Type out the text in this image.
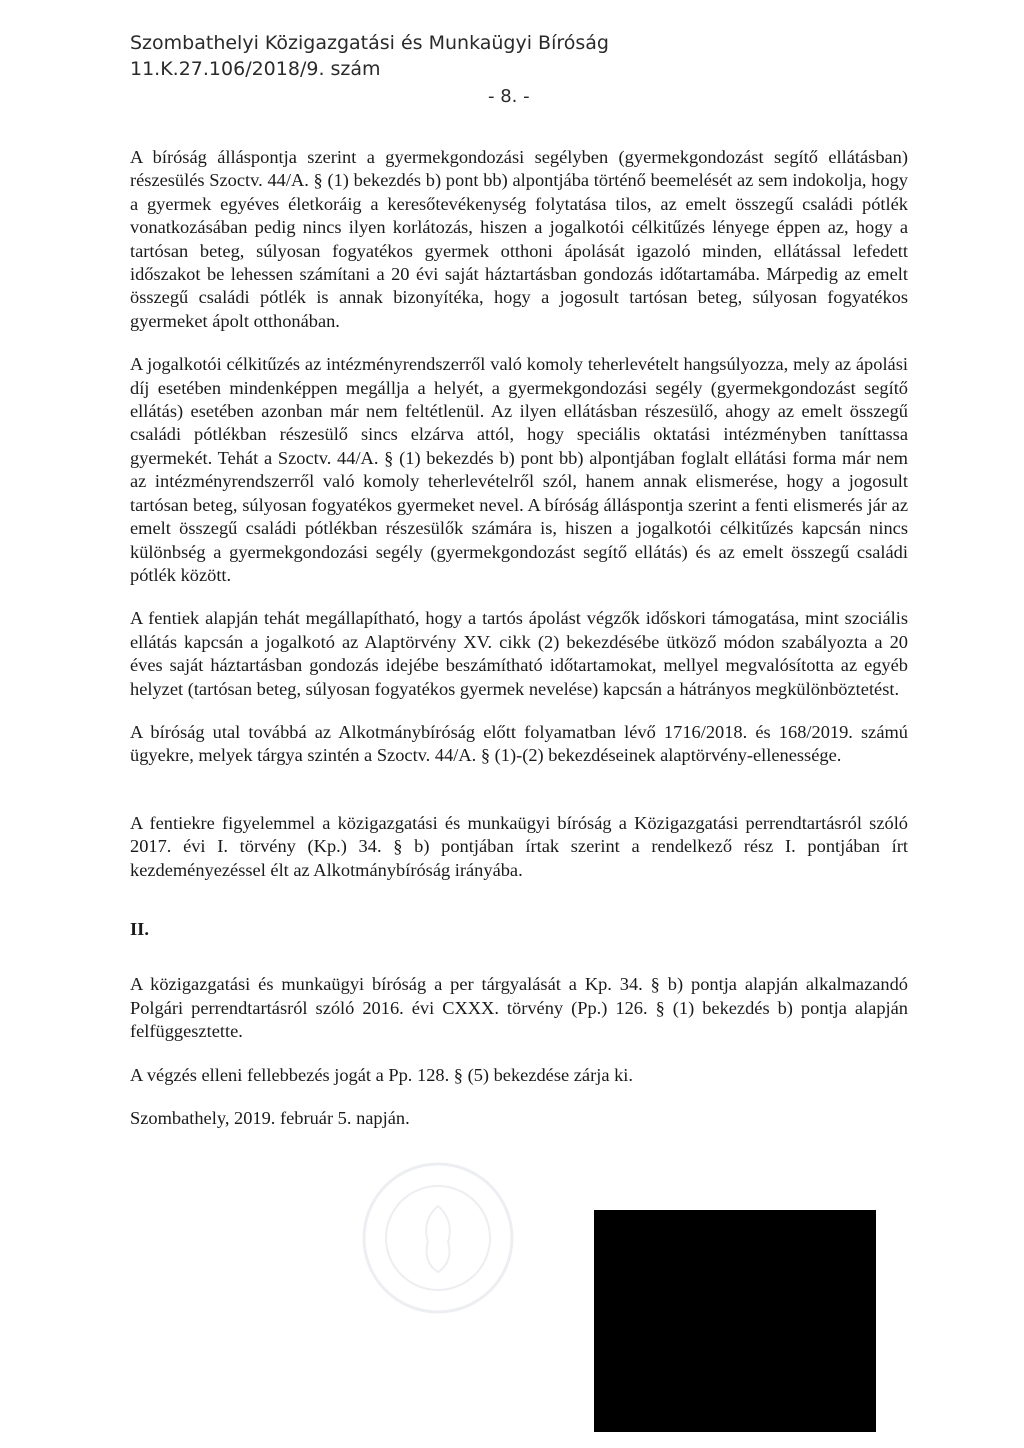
Szombathelyi Közigazgatási és Munkaügyi Bíróság
11.K.27.106/2018/9. szám
- 8. -

A bíróság álláspontja szerint a gyermekgondozási segélyben (gyermekgondozást segítő ellátásban) részesülés Szoctv. 44/A. § (1) bekezdés b) pont bb) alpontjába történő beemelését az sem indokolja, hogy a gyermek egyéves életkoráig a keresőtevékenység folytatása tilos, az emelt összegű családi pótlék vonatkozásában pedig nincs ilyen korlátozás, hiszen a jogalkotói célkitűzés lényege éppen az, hogy a tartósan beteg, súlyosan fogyatékos gyermek otthoni ápolását igazoló minden, ellátással lefedett időszakot be lehessen számítani a 20 évi saját háztartásban gondozás időtartamába. Márpedig az emelt összegű családi pótlék is annak bizonyítéka, hogy a jogosult tartósan beteg, súlyosan fogyatékos gyermeket ápolt otthonában.

A jogalkotói célkitűzés az intézményrendszerről való komoly teherlevételt hangsúlyozza, mely az ápolási díj esetében mindenképpen megállja a helyét, a gyermekgondozási segély (gyermekgondozást segítő ellátás) esetében azonban már nem feltétlenül. Az ilyen ellátásban részesülő, ahogy az emelt összegű családi pótlékban részesülő sincs elzárva attól, hogy speciális oktatási intézményben taníttassa gyermekét. Tehát a Szoctv. 44/A. § (1) bekezdés b) pont bb) alpontjában foglalt ellátási forma már nem az intézményrendszerről való komoly teherlevételről szól, hanem annak elismerése, hogy a jogosult tartósan beteg, súlyosan fogyatékos gyermeket nevel. A bíróság álláspontja szerint a fenti elismerés jár az emelt összegű családi pótlékban részesülők számára is, hiszen a jogalkotói célkitűzés kapcsán nincs különbség a gyermekgondozási segély (gyermekgondozást segítő ellátás) és az emelt összegű családi pótlék között.

A fentiek alapján tehát megállapítható, hogy a tartós ápolást végzők időskori támogatása, mint szociális ellátás kapcsán a jogalkotó az Alaptörvény XV. cikk (2) bekezdésébe ütköző módon szabályozta a 20 éves saját háztartásban gondozás idejébe beszámítható időtartamokat, mellyel megvalósította az egyéb helyzet (tartósan beteg, súlyosan fogyatékos gyermek nevelése) kapcsán a hátrányos megkülönböztetést.

A bíróság utal továbbá az Alkotmánybíróság előtt folyamatban lévő 1716/2018. és 168/2019. számú ügyekre, melyek tárgya szintén a Szoctv. 44/A. § (1)-(2) bekezdéseinek alaptörvény-ellenessége.

A fentiekre figyelemmel a közigazgatási és munkaügyi bíróság a Közigazgatási perrendtartásról szóló 2017. évi I. törvény (Kp.) 34. § b) pontjában írtak szerint a rendelkező rész I. pontjában írt kezdeményezéssel élt az Alkotmánybíróság irányába.

II.

A közigazgatási és munkaügyi bíróság a per tárgyalását a Kp. 34. § b) pontja alapján alkalmazandó Polgári perrendtartásról szóló 2016. évi CXXX. törvény (Pp.) 126. § (1) bekezdés b) pontja alapján felfüggesztette.

A végzés elleni fellebbezés jogát a Pp. 128. § (5) bekezdése zárja ki.

Szombathely, 2019. február 5. napján.
